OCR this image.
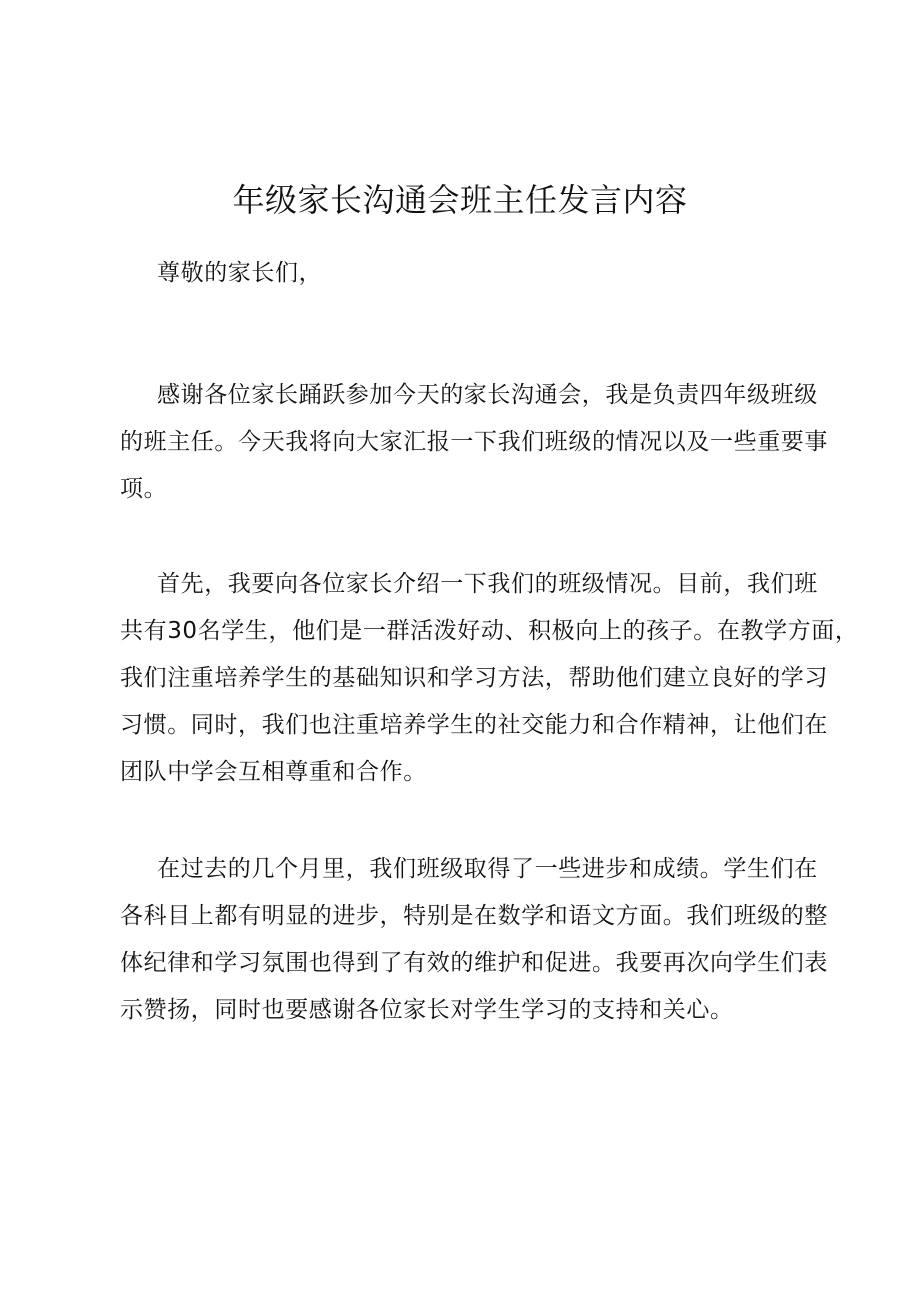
年级家长沟通会班主任发言内容
尊敬的家长们，
感谢各位家长踊跃参加今天的家长沟通会，我是负责四年级班级
的班主任。今天我将向大家汇报一下我们班级的情况以及一些重要事
项。
首先，我要向各位家长介绍一下我们的班级情况。目前，我们班
共有30名学生，他们是一群活泼好动、积极向上的孩子。在教学方面，
我们注重培养学生的基础知识和学习方法，帮助他们建立良好的学习
习惯。同时，我们也注重培养学生的社交能力和合作精神，让他们在
团队中学会互相尊重和合作。
在过去的几个月里，我们班级取得了一些进步和成绩。学生们在
各科目上都有明显的进步，特别是在数学和语文方面。我们班级的整
体纪律和学习氛围也得到了有效的维护和促进。我要再次向学生们表
示赞扬，同时也要感谢各位家长对学生学习的支持和关心。
